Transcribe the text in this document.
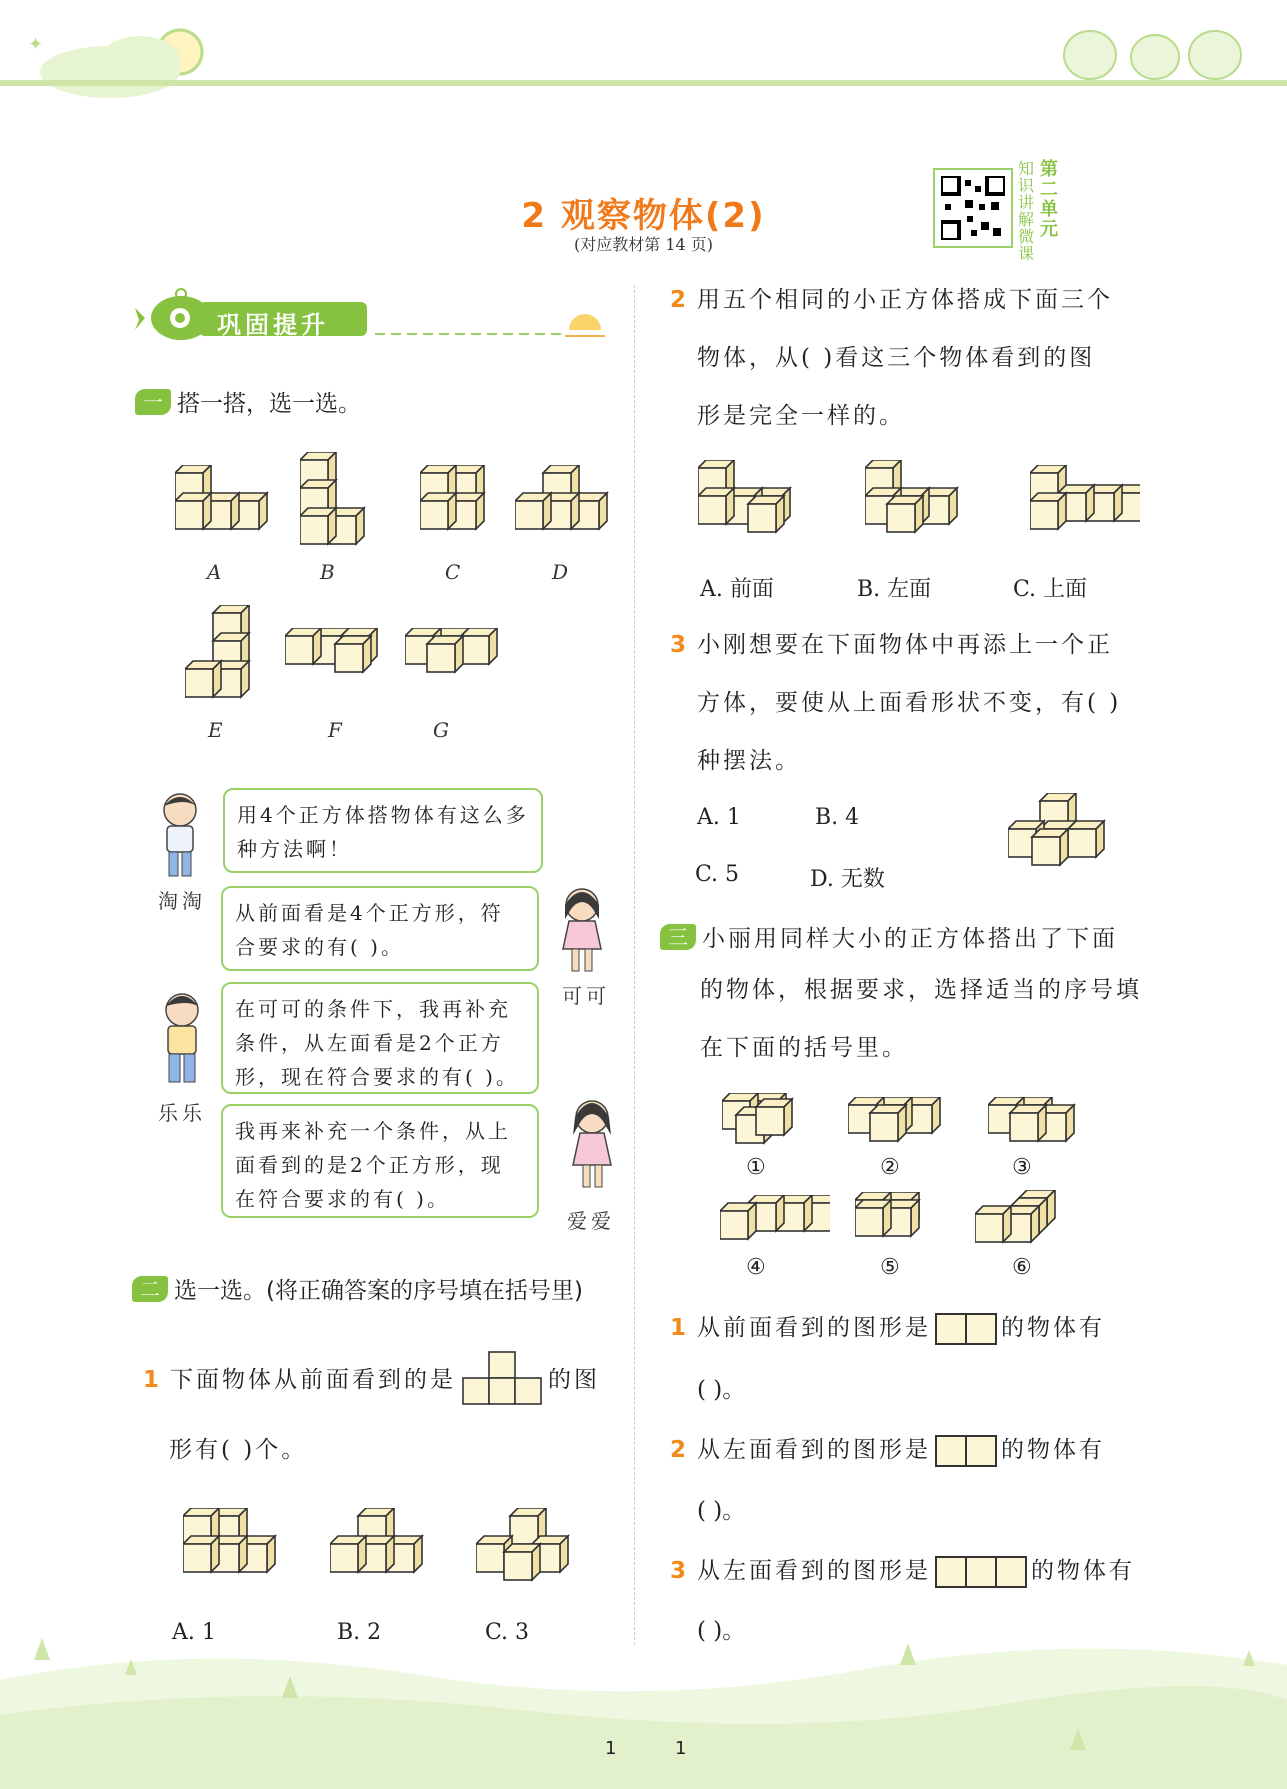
✦
2 观察物体(2)
(对应教材第 14 页)
知识讲解微课
第二单元
巩固提升
一 搭一搭，选一选。
A	B	C	D
E	F	G
淘淘
用4个正方体搭物体有这么多种方法啊！
从前面看是4个正方形，符合要求的有( )。
可可
乐乐
在可可的条件下，我再补充条件，从左面看是2个正方形，现在符合要求的有( )。
我再来补充一个条件，从上面看到的是2个正方形，现在符合要求的有( )。
爱爱
二 选一选。(将正确答案的序号填在括号里)
1 下面物体从前面看到的是	的图
形有( )个。
A. 1	B. 2	C. 3
2 用五个相同的小正方体搭成下面三个
物体，从( )看这三个物体看到的图
形是完全一样的。
A. 前面	B. 左面	C. 上面
3 小刚想要在下面物体中再添上一个正
方体，要使从上面看形状不变，有( )
种摆法。
A. 1	B. 4
C. 5	D. 无数
三 小丽用同样大小的正方体搭出了下面
的物体，根据要求，选择适当的序号填
在下面的括号里。
①	②	③
④	⑤	⑥
1 从前面看到的图形是	的物体有
( )。
2 从左面看到的图形是	的物体有
( )。
3 从左面看到的图形是	的物体有
( )。
1	1
